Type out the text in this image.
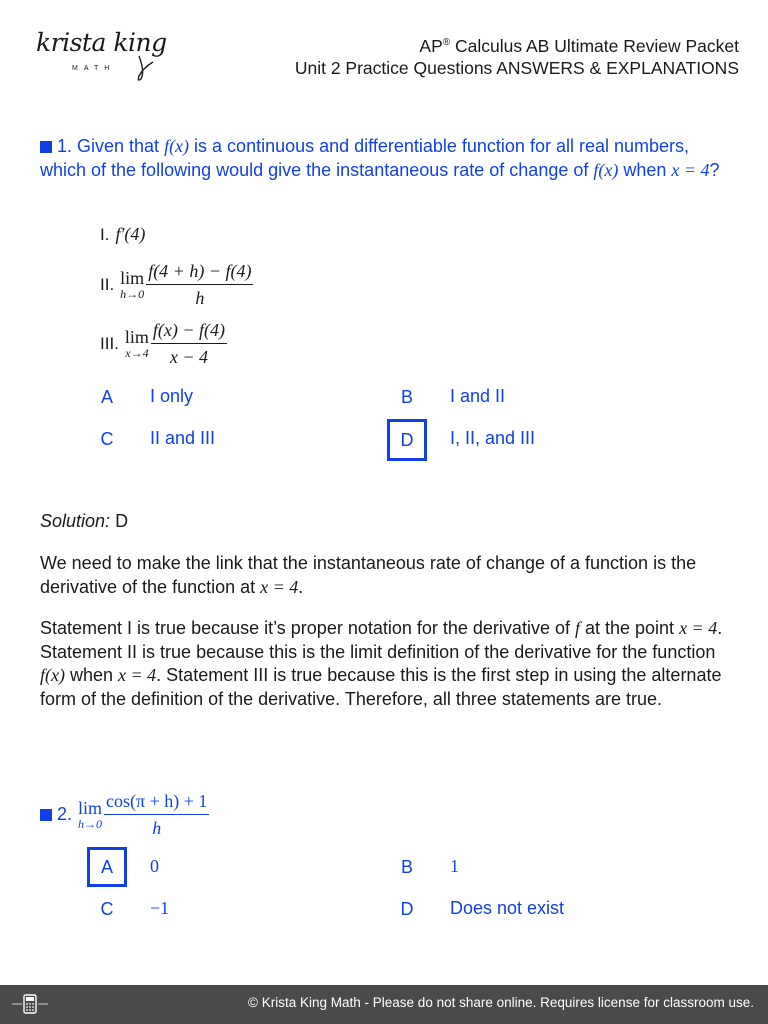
krista king
MATH
AP® Calculus AB Ultimate Review Packet
Unit 2 Practice Questions ANSWERS & EXPLANATIONS
1. Given that f(x) is a continuous and differentiable function for all real numbers, which of the following would give the instantaneous rate of change of f(x) when x = 4?
I. f′(4)
II. lim
$h\to 0 \frac{f(4 + h) - f(4)}{h}$
III. lim
$x\to 4 \frac{f(x) - f(4)}{x - 4}$
A	I only	B	I and II
C	II and III	D	I, II, and III
Solution: D
We need to make the link that the instantaneous rate of change of a function is the derivative of the function at x = 4.
Statement I is true because it’s proper notation for the derivative of f at the point x = 4. Statement II is true because this is the limit definition of the derivative for the function f(x) when x = 4. Statement III is true because this is the first step in using the alternate form of the definition of the derivative. Therefore, all three statements are true.
2. lim
$h\to 0 \frac{\cos(\pi + h) + 1}{h}$
A	0	B	1
C	−1	D	Does not exist
© Krista King Math - Please do not share online. Requires license for classroom use.
